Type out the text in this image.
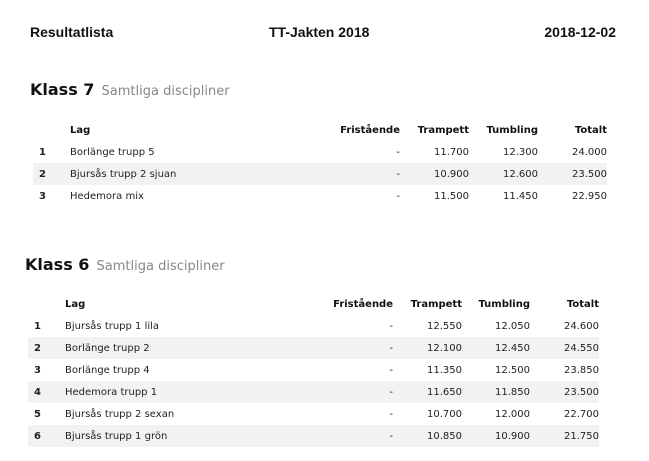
Resultatlista	TT-Jakten 2018	2018-12-02
Klass 7 Samtliga discipliner
	Lag	Fristående	Trampett	Tumbling	Totalt
1	Borlänge trupp 5	-	11.700	12.300	24.000
2	Bjursås trupp 2 sjuan	-	10.900	12.600	23.500
3	Hedemora mix	-	11.500	11.450	22.950
Klass 6 Samtliga discipliner
	Lag	Fristående	Trampett	Tumbling	Totalt
1	Bjursås trupp 1 lila	-	12.550	12.050	24.600
2	Borlänge trupp 2	-	12.100	12.450	24.550
3	Borlänge trupp 4	-	11.350	12.500	23.850
4	Hedemora trupp 1	-	11.650	11.850	23.500
5	Bjursås trupp 2 sexan	-	10.700	12.000	22.700
6	Bjursås trupp 1 grön	-	10.850	10.900	21.750
